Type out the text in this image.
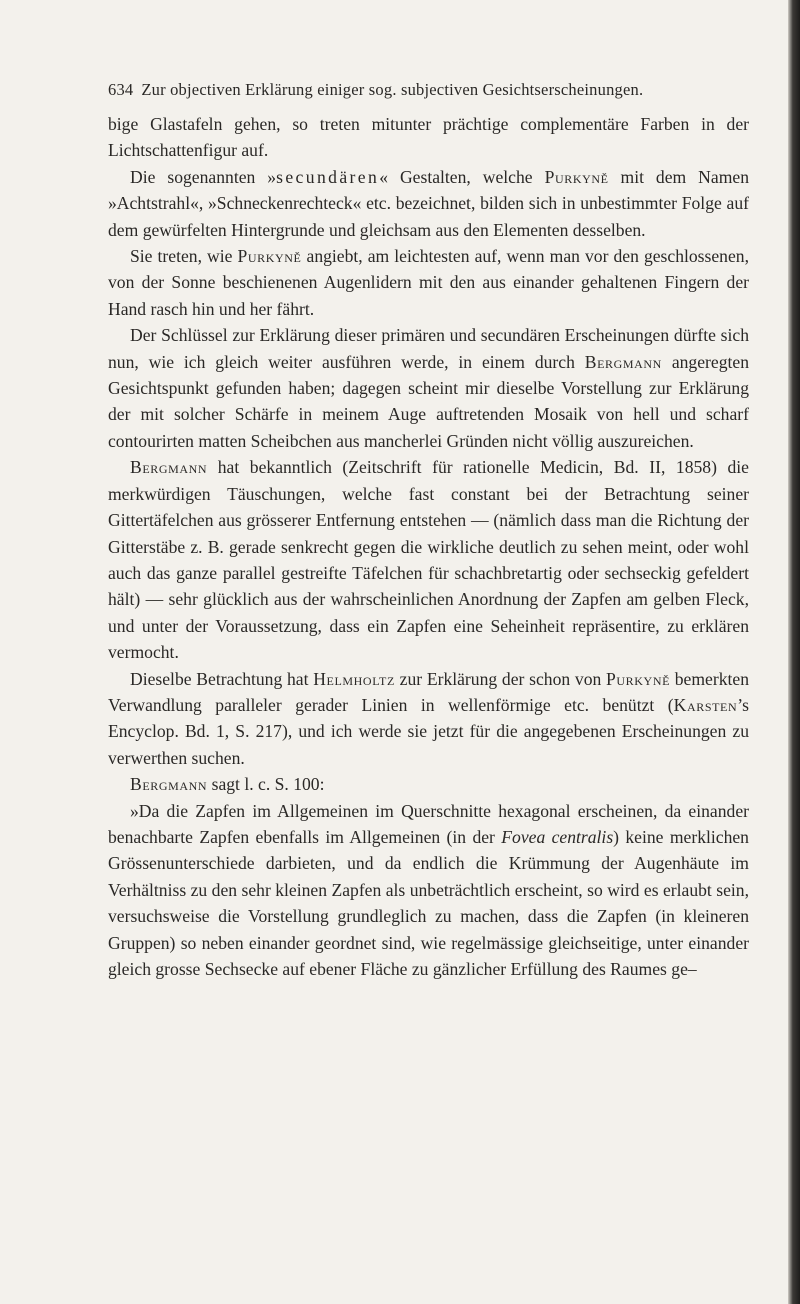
634 Zur objectiven Erklärung einiger sog. subjectiven Gesichtserscheinungen.

bige Glastafeln gehen, so treten mitunter prächtige complementäre Farben in der Lichtschattenfigur auf.

Die sogenannten »secundären« Gestalten, welche Purkyně mit dem Namen »Achtstrahl«, »Schneckenrechteck« etc. bezeichnet, bilden sich in unbestimmter Folge auf dem gewürfelten Hintergrunde und gleichsam aus den Elementen desselben.

Sie treten, wie Purkyně angiebt, am leichtesten auf, wenn man vor den geschlossenen, von der Sonne beschienenen Augenlidern mit den aus einander gehaltenen Fingern der Hand rasch hin und her fährt.

Der Schlüssel zur Erklärung dieser primären und secundären Erscheinungen dürfte sich nun, wie ich gleich weiter ausführen werde, in einem durch Bergmann angeregten Gesichtspunkt gefunden haben; dagegen scheint mir dieselbe Vorstellung zur Erklärung der mit solcher Schärfe in meinem Auge auftretenden Mosaik von hell und scharf contourirten matten Scheibchen aus mancherlei Gründen nicht völlig auszureichen.

Bergmann hat bekanntlich (Zeitschrift für rationelle Medicin, Bd. II, 1858) die merkwürdigen Täuschungen, welche fast constant bei der Betrachtung seiner Gittertäfelchen aus grösserer Entfernung entstehen — (nämlich dass man die Richtung der Gitterstäbe z. B. gerade senkrecht gegen die wirkliche deutlich zu sehen meint, oder wohl auch das ganze parallel gestreifte Täfelchen für schachbretartig oder sechseckig gefeldert hält) — sehr glücklich aus der wahrscheinlichen Anordnung der Zapfen am gelben Fleck, und unter der Voraussetzung, dass ein Zapfen eine Seheinheit repräsentire, zu erklären vermocht.

Dieselbe Betrachtung hat Helmholtz zur Erklärung der schon von Purkyně bemerkten Verwandlung paralleler gerader Linien in wellenförmige etc. benützt (Karsten’s Encyclop. Bd. 1, S. 217), und ich werde sie jetzt für die angegebenen Erscheinungen zu verwerthen suchen.

Bergmann sagt l. c. S. 100:

»Da die Zapfen im Allgemeinen im Querschnitte hexagonal erscheinen, da einander benachbarte Zapfen ebenfalls im Allgemeinen (in der Fovea centralis) keine merklichen Grössenunterschiede darbieten, und da endlich die Krümmung der Augenhäute im Verhältniss zu den sehr kleinen Zapfen als unbeträchtlich erscheint, so wird es erlaubt sein, versuchsweise die Vorstellung grundleglich zu machen, dass die Zapfen (in kleineren Gruppen) so neben einander geordnet sind, wie regelmässige gleichseitige, unter einander gleich grosse Sechsecke auf ebener Fläche zu gänzlicher Erfüllung des Raumes ge–
